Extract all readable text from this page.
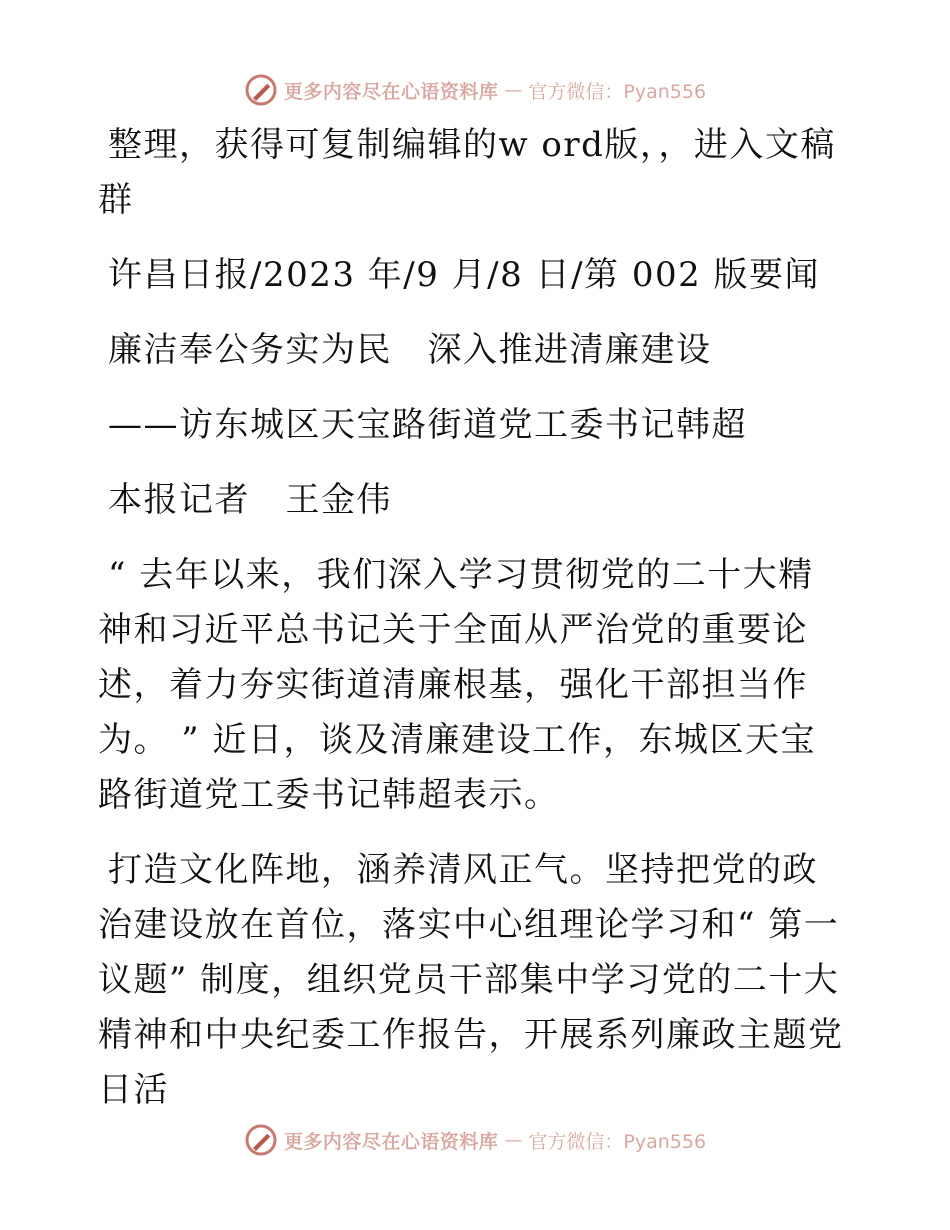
更多内容尽在心语资料库 — 官方微信：Pyan556

整理，获得可复制编辑的w ord版，，进入文稿群

许昌日报/2023 年/9 月/8 日/第 002 版要闻

廉洁奉公务实为民　深入推进清廉建设

——访东城区天宝路街道党工委书记韩超

本报记者　王金伟

“ 去年以来，我们深入学习贯彻党的二十大精神和习近平总书记关于全面从严治党的重要论述，着力夯实街道清廉根基，强化干部担当作为。 ” 近日，谈及清廉建设工作，东城区天宝路街道党工委书记韩超表示。

打造文化阵地，涵养清风正气。坚持把党的政治建设放在首位，落实中心组理论学习和“ 第一议题” 制度，组织党员干部集中学习党的二十大精神和中央纪委工作报告，开展系列廉政主题党日活

更多内容尽在心语资料库 — 官方微信：Pyan556
